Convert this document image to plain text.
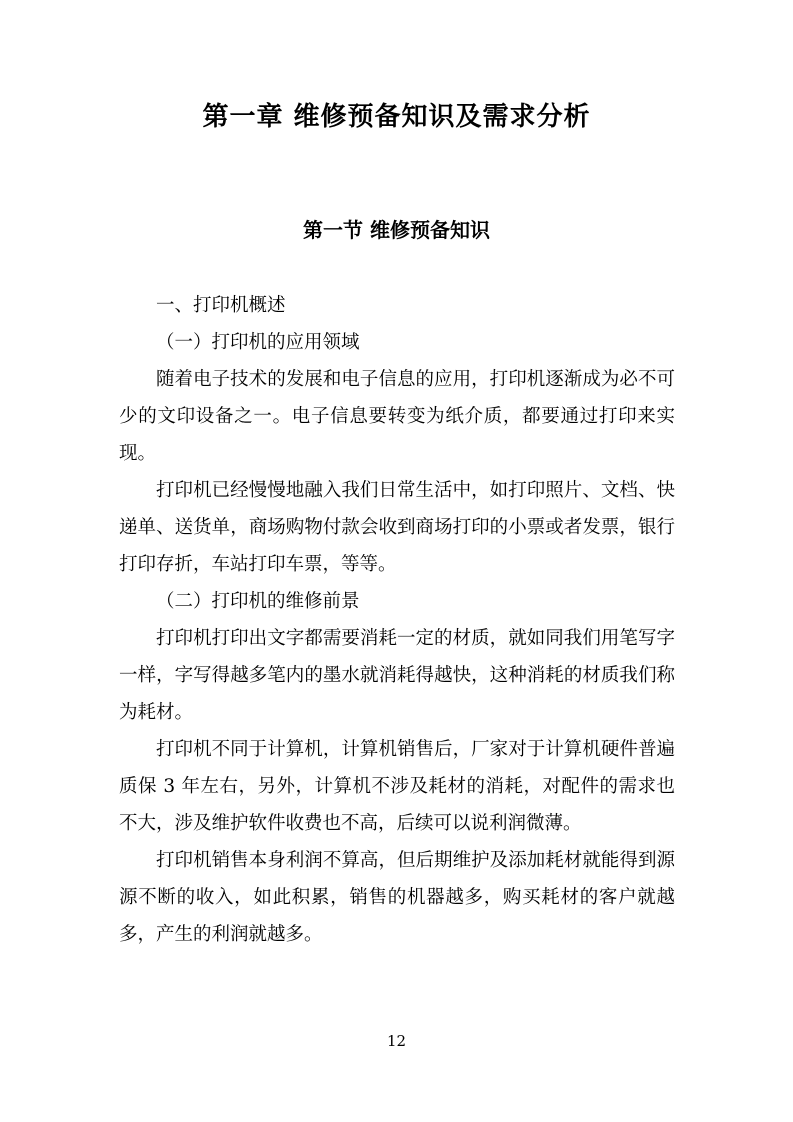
第一章 维修预备知识及需求分析
第一节 维修预备知识

一、打印机概述

（一）打印机的应用领域

随着电子技术的发展和电子信息的应用，打印机逐渐成为必不可少的文印设备之一。电子信息要转变为纸介质，都要通过打印来实现。

打印机已经慢慢地融入我们日常生活中，如打印照片、文档、快递单、送货单，商场购物付款会收到商场打印的小票或者发票，银行打印存折，车站打印车票，等等。

（二）打印机的维修前景

打印机打印出文字都需要消耗一定的材质，就如同我们用笔写字一样，字写得越多笔内的墨水就消耗得越快，这种消耗的材质我们称为耗材。

打印机不同于计算机，计算机销售后，厂家对于计算机硬件普遍质保 3 年左右，另外，计算机不涉及耗材的消耗，对配件的需求也不大，涉及维护软件收费也不高，后续可以说利润微薄。

打印机销售本身利润不算高，但后期维护及添加耗材就能得到源源不断的收入，如此积累，销售的机器越多，购买耗材的客户就越多，产生的利润就越多。

12
